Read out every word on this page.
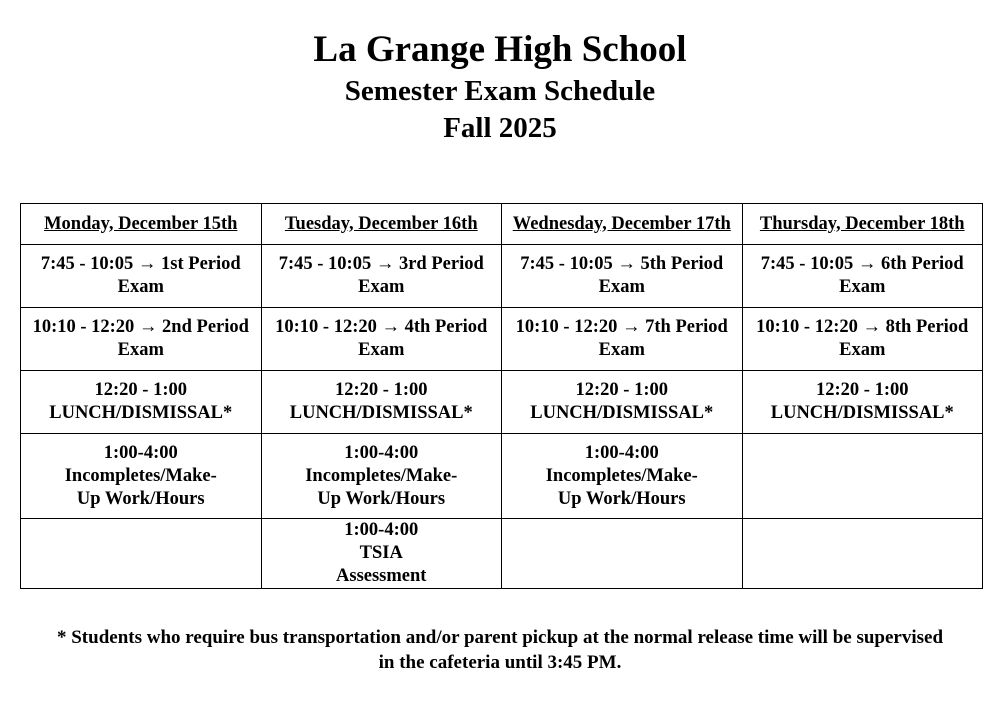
La Grange High School
Semester Exam Schedule
Fall 2025
Monday, December 15th	Tuesday, December 16th	Wednesday, December 17th	Thursday, December 18th
7:45 - 10:05 → 1st Period Exam	7:45 - 10:05 → 3rd Period Exam	7:45 - 10:05 → 5th Period Exam	7:45 - 10:05 → 6th Period Exam
10:10 - 12:20 → 2nd Period Exam	10:10 - 12:20 → 4th Period Exam	10:10 - 12:20 → 7th Period Exam	10:10 - 12:20 → 8th Period Exam
12:20 - 1:00 LUNCH/DISMISSAL*	12:20 - 1:00 LUNCH/DISMISSAL*	12:20 - 1:00 LUNCH/DISMISSAL*	12:20 - 1:00 LUNCH/DISMISSAL*
1:00-4:00 Incompletes/Make-Up Work/Hours	1:00-4:00 Incompletes/Make-Up Work/Hours	1:00-4:00 Incompletes/Make-Up Work/Hours	
	1:00-4:00 TSIA Assessment		
* Students who require bus transportation and/or parent pickup at the normal release time will be supervised in the cafeteria until 3:45 PM.
